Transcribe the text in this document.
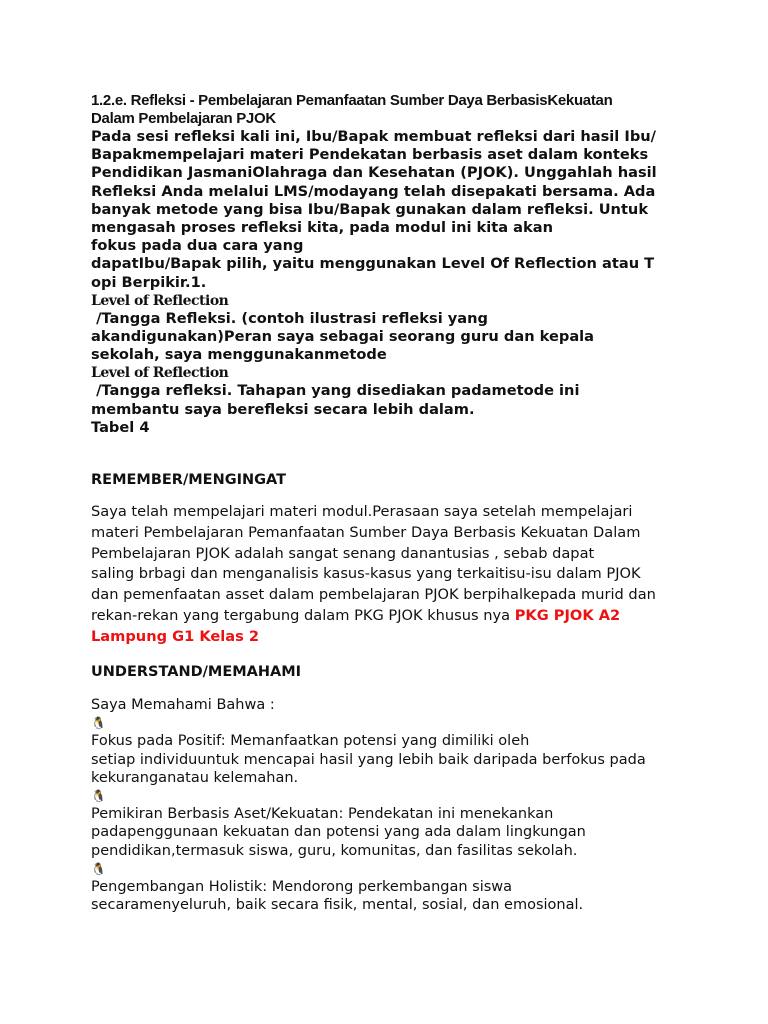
1.2.e. Refleksi - Pembelajaran Pemanfaatan Sumber Daya BerbasisKekuatan
Dalam Pembelajaran PJOK
Pada sesi refleksi kali ini, Ibu/Bapak membuat refleksi dari hasil Ibu/
Bapakmempelajari materi Pendekatan berbasis aset dalam konteks
Pendidikan JasmaniOlahraga dan Kesehatan (PJOK). Unggahlah hasil
Refleksi Anda melalui LMS/modayang telah disepakati bersama. Ada
banyak metode yang bisa Ibu/Bapak gunakan dalam refleksi. Untuk
mengasah proses refleksi kita, pada modul ini kita akan
fokus pada dua cara yang
dapatIbu/Bapak pilih, yaitu menggunakan Level Of Reflection atau T
opi Berpikir.1.
Level of Reflection
/Tangga Refleksi. (contoh ilustrasi refleksi yang
akandigunakan)Peran saya sebagai seorang guru dan kepala
sekolah, saya menggunakanmetode
Level of Reflection
/Tangga refleksi. Tahapan yang disediakan padametode ini
membantu saya berefleksi secara lebih dalam.
Tabel 4
REMEMBER/MENGINGAT
Saya telah mempelajari materi modul.Perasaan saya setelah mempelajari
materi Pembelajaran Pemanfaatan Sumber Daya Berbasis Kekuatan Dalam
Pembelajaran PJOK adalah sangat senang danantusias , sebab dapat
saling brbagi dan menganalisis kasus-kasus yang terkaitisu-isu dalam PJOK
dan pemenfaatan asset dalam pembelajaran PJOK berpihalkepada murid dan
rekan-rekan yang tergabung dalam PKG PJOK khusus nya PKG PJOK A2
Lampung G1 Kelas 2
UNDERSTAND/MEMAHAMI
Saya Memahami Bahwa :
🐧
Fokus pada Positif: Memanfaatkan potensi yang dimiliki oleh
setiap individuuntuk mencapai hasil yang lebih baik daripada berfokus pada
kekuranganatau kelemahan.
🐧
Pemikiran Berbasis Aset/Kekuatan: Pendekatan ini menekankan
padapenggunaan kekuatan dan potensi yang ada dalam lingkungan
pendidikan,termasuk siswa, guru, komunitas, dan fasilitas sekolah.
🐧
Pengembangan Holistik: Mendorong perkembangan siswa
secaramenyeluruh, baik secara fisik, mental, sosial, dan emosional.
